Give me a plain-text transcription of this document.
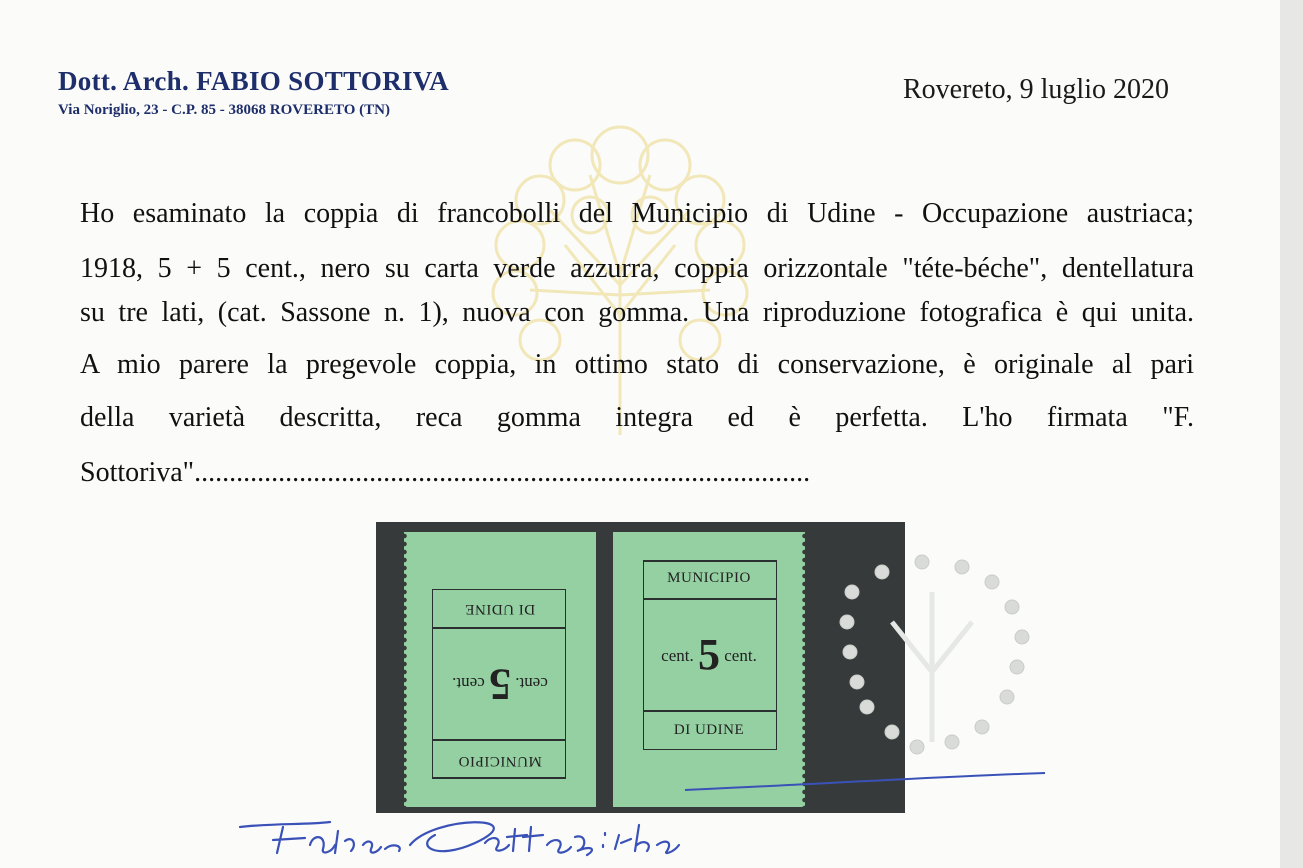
Dott. Arch. FABIO SOTTORIVA
Via Noriglio, 23 - C.P. 85 - 38068 ROVERETO (TN)
Rovereto, 9 luglio 2020
Ho esaminato la coppia di francobolli del Municipio di Udine - Occupazione austriaca;
1918, 5 + 5 cent., nero su carta verde azzurra, coppia orizzontale "téte-béche", dentellatura
su tre lati, (cat. Sassone n. 1), nuova con gomma. Una riproduzione fotografica è qui unita.
A mio parere la pregevole coppia, in ottimo stato di conservazione, è originale al pari
della varietà descritta, reca gomma integra ed è perfetta. L'ho firmata "F.
Sottoriva"........................................................................................
MUNICIPIO
cent. 5 cent.
DI UDINE
MUNICIPIO
cent. 5 cent.
DI UDINE
